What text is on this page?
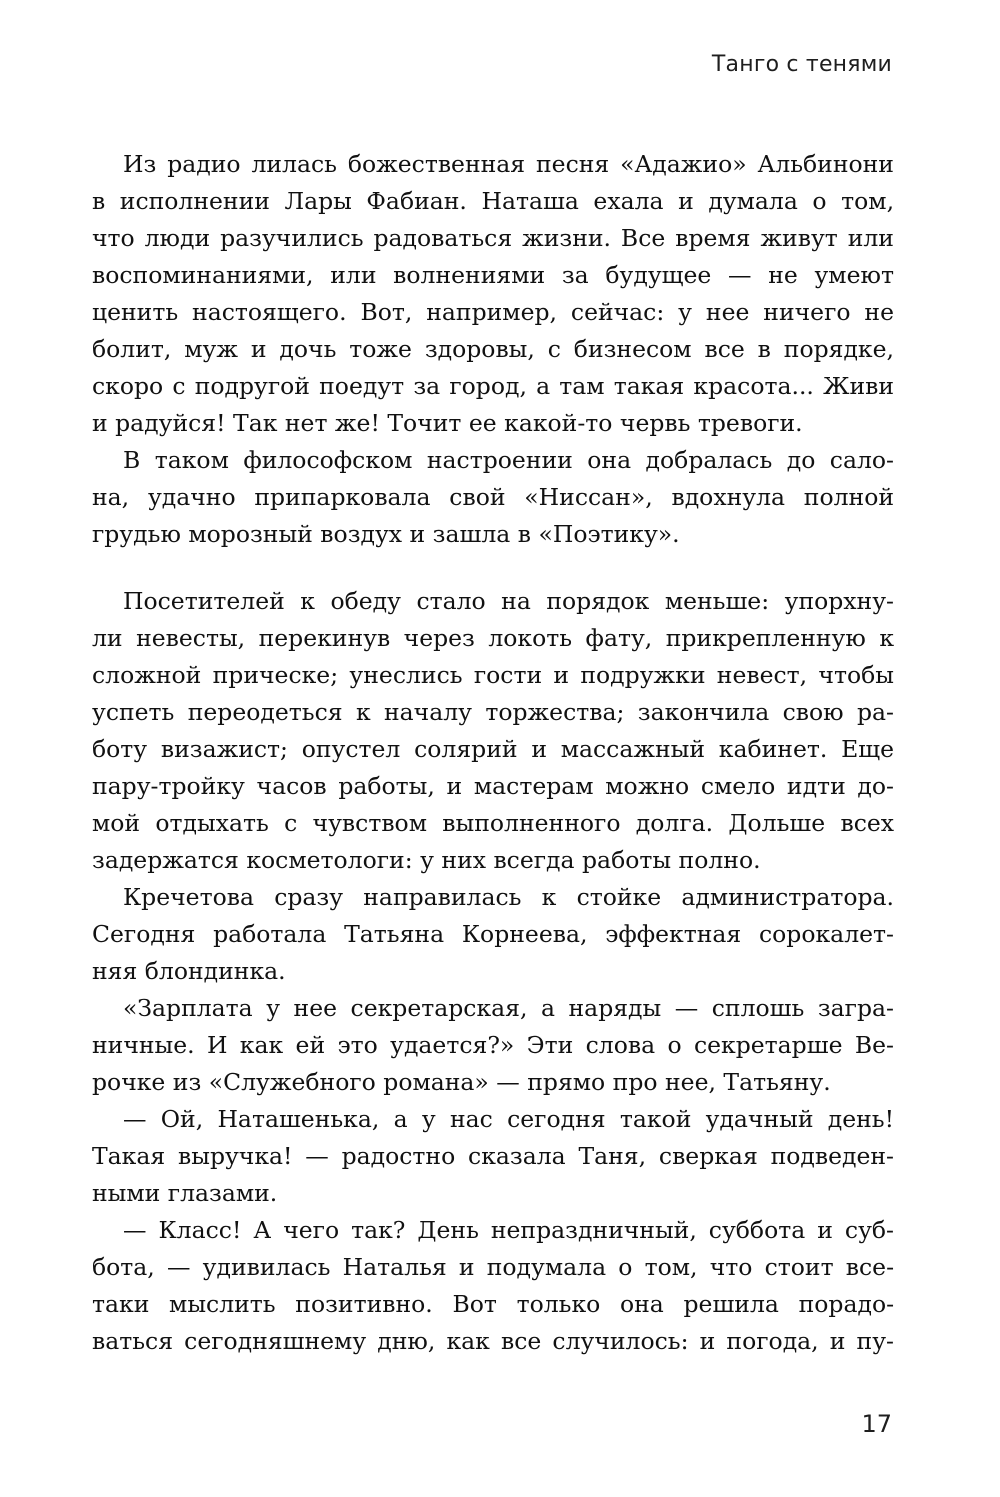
Танго с тенями
Из радио лилась божественная песня «Адажио» Альбинони
в исполнении Лары Фабиан. Наташа ехала и думала о том,
что люди разучились радоваться жизни. Все время живут или
воспоминаниями, или волнениями за будущее — не умеют
ценить настоящего. Вот, например, сейчас: у нее ничего не
болит, муж и дочь тоже здоровы, с бизнесом все в порядке,
скоро с подругой поедут за город, а там такая красота... Живи
и радуйся! Так нет же! Точит ее какой-то червь тревоги.
В таком философском настроении она добралась до сало-
на, удачно припарковала свой «Ниссан», вдохнула полной
грудью морозный воздух и зашла в «Поэтику».
Посетителей к обеду стало на порядок меньше: упорхну-
ли невесты, перекинув через локоть фату, прикрепленную к
сложной прическе; унеслись гости и подружки невест, чтобы
успеть переодеться к началу торжества; закончила свою ра-
боту визажист; опустел солярий и массажный кабинет. Еще
пару-тройку часов работы, и мастерам можно смело идти до-
мой отдыхать с чувством выполненного долга. Дольше всех
задержатся косметологи: у них всегда работы полно.
Кречетова сразу направилась к стойке администратора.
Сегодня работала Татьяна Корнеева, эффектная сорокалет-
няя блондинка.
«Зарплата у нее секретарская, а наряды — сплошь загра-
ничные. И как ей это удается?» Эти слова о секретарше Ве-
рочке из «Служебного романа» — прямо про нее, Татьяну.
— Ой, Наташенька, а у нас сегодня такой удачный день!
Такая выручка! — радостно сказала Таня, сверкая подведен-
ными глазами.
— Класс! А чего так? День непраздничный, суббота и суб-
бота, — удивилась Наталья и подумала о том, что стоит все-
таки мыслить позитивно. Вот только она решила порадо-
ваться сегодняшнему дню, как все случилось: и погода, и пу-
17
